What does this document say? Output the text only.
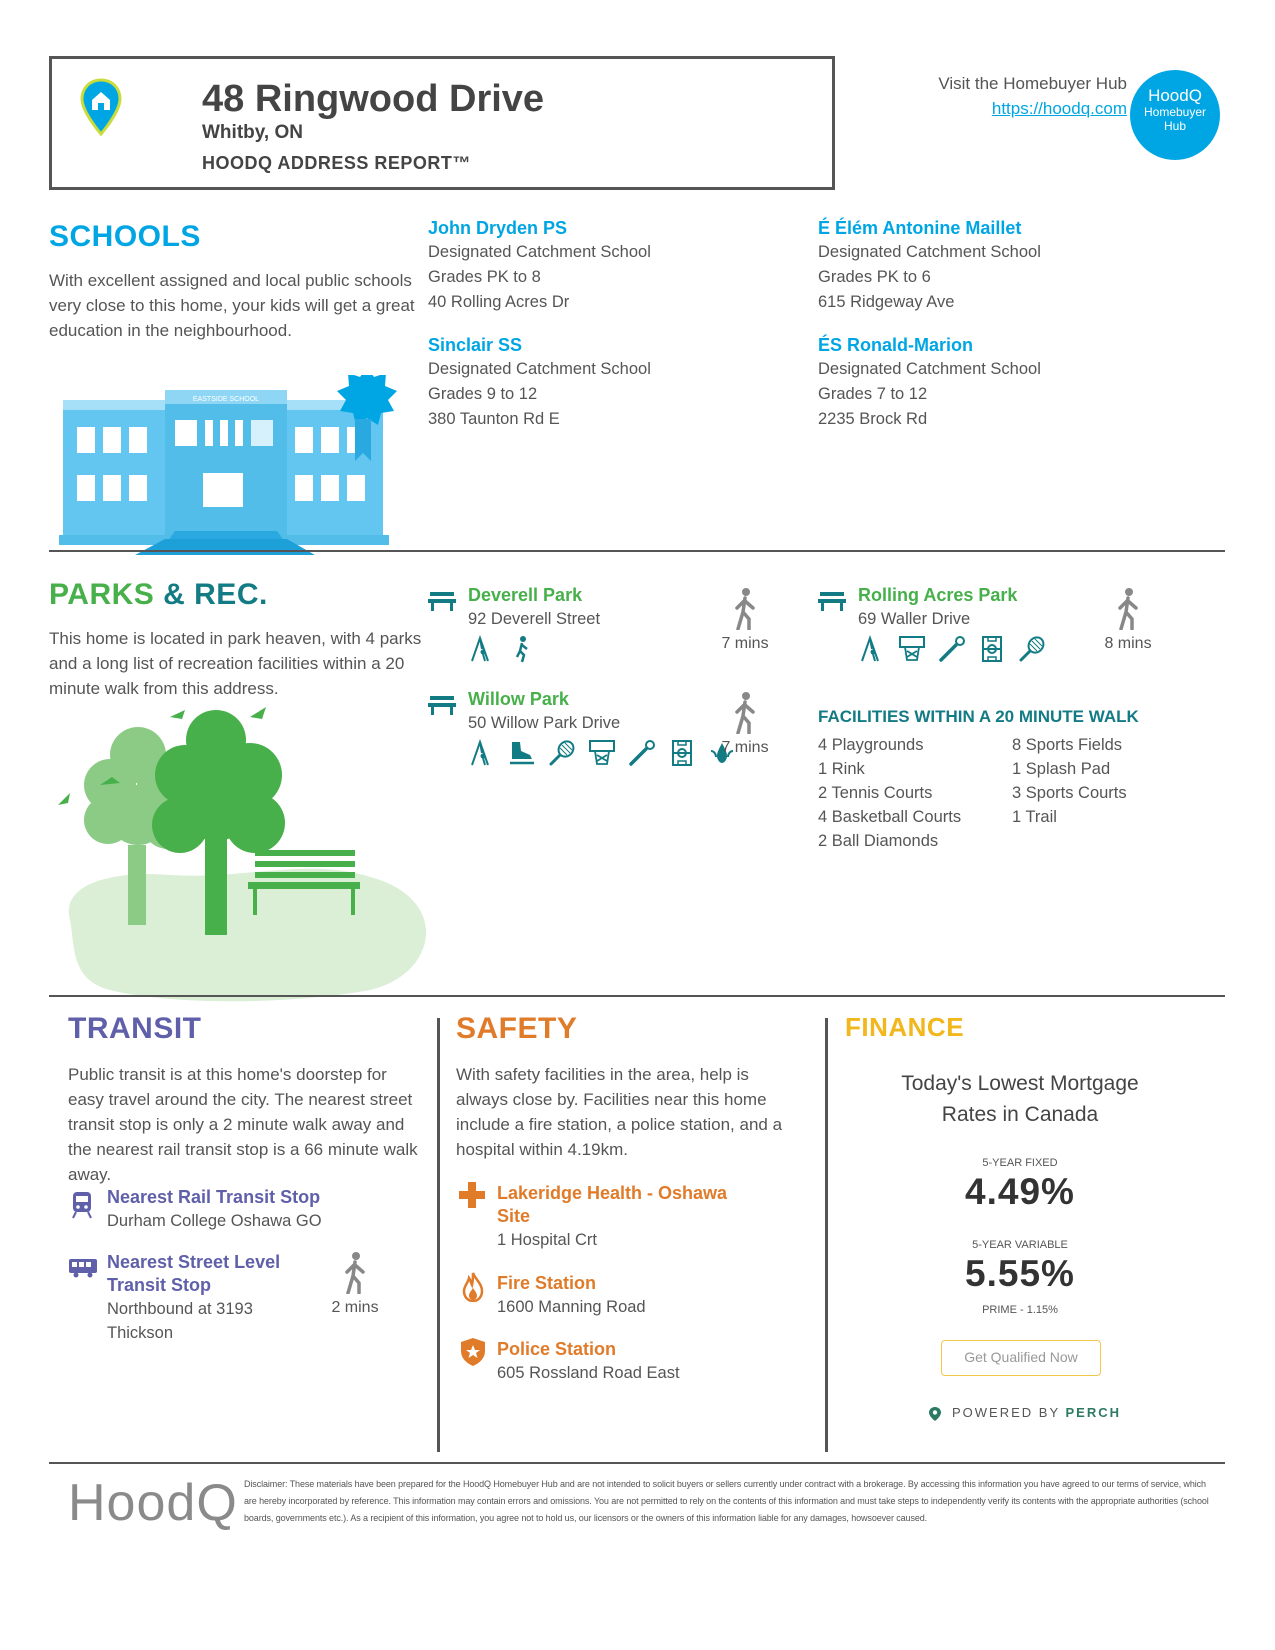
48 Ringwood Drive
Whitby, ON
HOODQ ADDRESS REPORT™
Visit the Homebuyer Hub
https://hoodq.com
HoodQ
Homebuyer
Hub
SCHOOLS
With excellent assigned and local public schools very close to this home, your kids will get a great education in the neighbourhood.
John Dryden PS
Designated Catchment School
Grades PK to 8
40 Rolling Acres Dr
É Élém Antonine Maillet
Designated Catchment School
Grades PK to 6
615 Ridgeway Ave
Sinclair SS
Designated Catchment School
Grades 9 to 12
380 Taunton Rd E
ÉS Ronald-Marion
Designated Catchment School
Grades 7 to 12
2235 Brock Rd
EASTSIDE SCHOOL
PARKS & REC.
This home is located in park heaven, with 4 parks and a long list of recreation facilities within a 20 minute walk from this address.
Deverell Park
92 Deverell Street
7 mins
Rolling Acres Park
69 Waller Drive
8 mins
Willow Park
50 Willow Park Drive
7 mins
FACILITIES WITHIN A 20 MINUTE WALK
4 Playgrounds
1 Rink
2 Tennis Courts
4 Basketball Courts
2 Ball Diamonds
8 Sports Fields
1 Splash Pad
3 Sports Courts
1 Trail
TRANSIT
Public transit is at this home's doorstep for easy travel around the city. The nearest street transit stop is only a 2 minute walk away and the nearest rail transit stop is a 66 minute walk away.
Nearest Rail Transit Stop
Durham College Oshawa GO
Nearest Street Level
Transit Stop
Northbound at 3193
Thickson
2 mins
SAFETY
With safety facilities in the area, help is always close by. Facilities near this home include a fire station, a police station, and a hospital within 4.19km.
Lakeridge Health - Oshawa
Site
1 Hospital Crt
Fire Station
1600 Manning Road
Police Station
605 Rossland Road East
FINANCE
Today's Lowest Mortgage
Rates in Canada
5-YEAR FIXED
4.49%
5-YEAR VARIABLE
5.55%
PRIME - 1.15%
Get Qualified Now
POWERED BY PERCH
HoodQ Disclaimer: These materials have been prepared for the HoodQ Homebuyer Hub and are not intended to solicit buyers or sellers currently under contract with a brokerage. By accessing this information you have agreed to our terms of service, which are hereby incorporated by reference. This information may contain errors and omissions. You are not permitted to rely on the contents of this information and must take steps to independently verify its contents with the appropriate authorities (school boards, governments etc.). As a recipient of this information, you agree not to hold us, our licensors or the owners of this information liable for any damages, howsoever caused.
